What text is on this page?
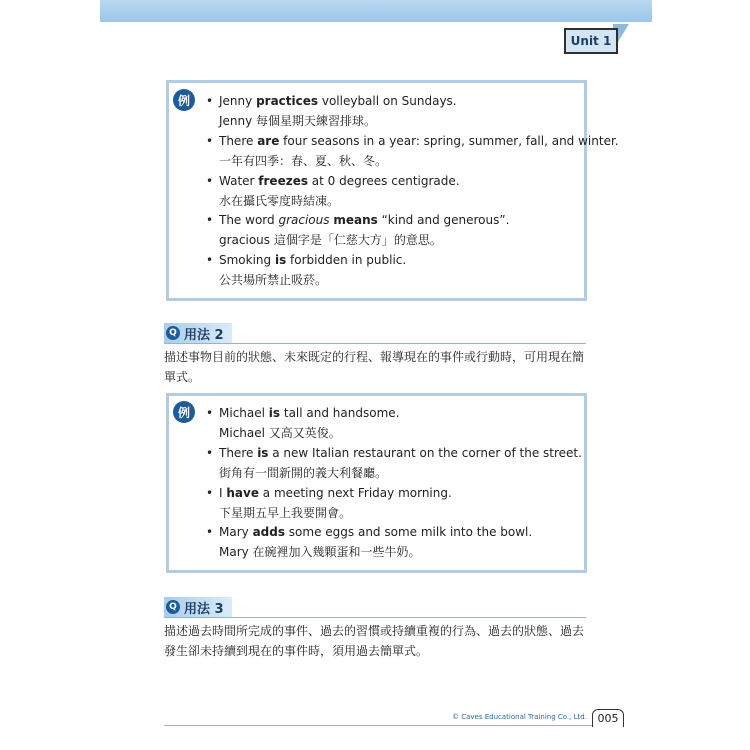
Unit 1
例	• Jenny practices volleyball on Sundays.
Jenny 每個星期天練習排球。
• There are four seasons in a year: spring, summer, fall, and winter.
一年有四季：春、夏、秋、冬。
• Water freezes at 0 degrees centigrade.
水在攝氏零度時結凍。
• The word gracious means “kind and generous”.
gracious 這個字是「仁慈大方」的意思。
• Smoking is forbidden in public.
公共場所禁止吸菸。
Q 用法 2
描述事物目前的狀態、未來既定的行程、報導現在的事件或行動時，可用現在簡
單式。
例	• Michael is tall and handsome.
Michael 又高又英俊。
• There is a new Italian restaurant on the corner of the street.
街角有一間新開的義大利餐廳。
• I have a meeting next Friday morning.
下星期五早上我要開會。
• Mary adds some eggs and some milk into the bowl.
Mary 在碗裡加入幾顆蛋和一些牛奶。
Q 用法 3
描述過去時間所完成的事件、過去的習慣或持續重複的行為、過去的狀態、過去
發生卻未持續到現在的事件時，須用過去簡單式。
© Caves Educational Training Co., Ltd. 005
